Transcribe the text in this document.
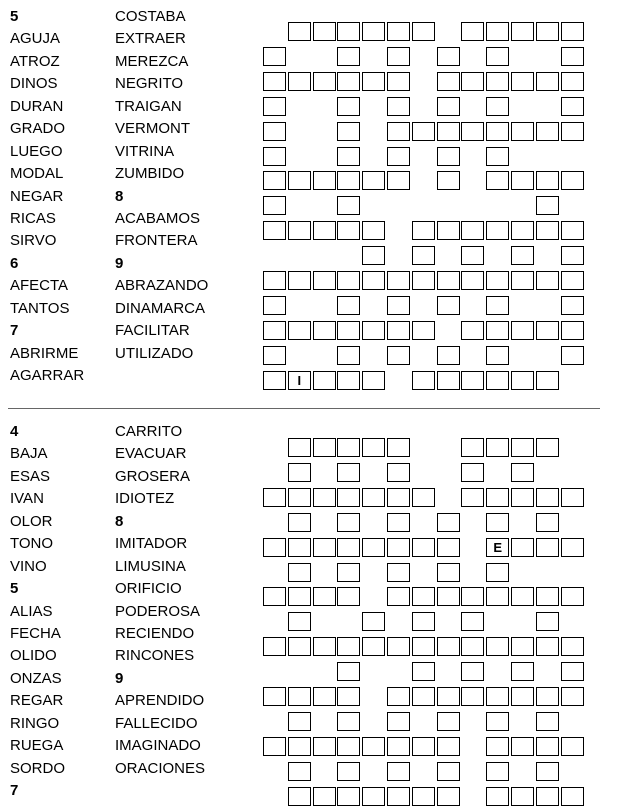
5
AGUJA
ATROZ
DINOS
DURAN
GRADO
LUEGO
MODAL
NEGAR
RICAS
SIRVO
6
AFECTA
TANTOS
7
ABRIRME
AGARRAR
COSTABA
EXTRAER
MEREZCA
NEGRITO
TRAIGAN
VERMONT
VITRINA
ZUMBIDO
8
ACABAMOS
FRONTERA
9
ABRAZANDO
DINAMARCA
FACILITAR
UTILIZADO
I
4
BAJA
ESAS
IVAN
OLOR
TONO
VINO
5
ALIAS
FECHA
OLIDO
ONZAS
REGAR
RINGO
RUEGA
SORDO
7
CARRITO
EVACUAR
GROSERA
IDIOTEZ
8
IMITADOR
LIMUSINA
ORIFICIO
PODEROSA
RECIENDO
RINCONES
9
APRENDIDO
FALLECIDO
IMAGINADO
ORACIONES
E
